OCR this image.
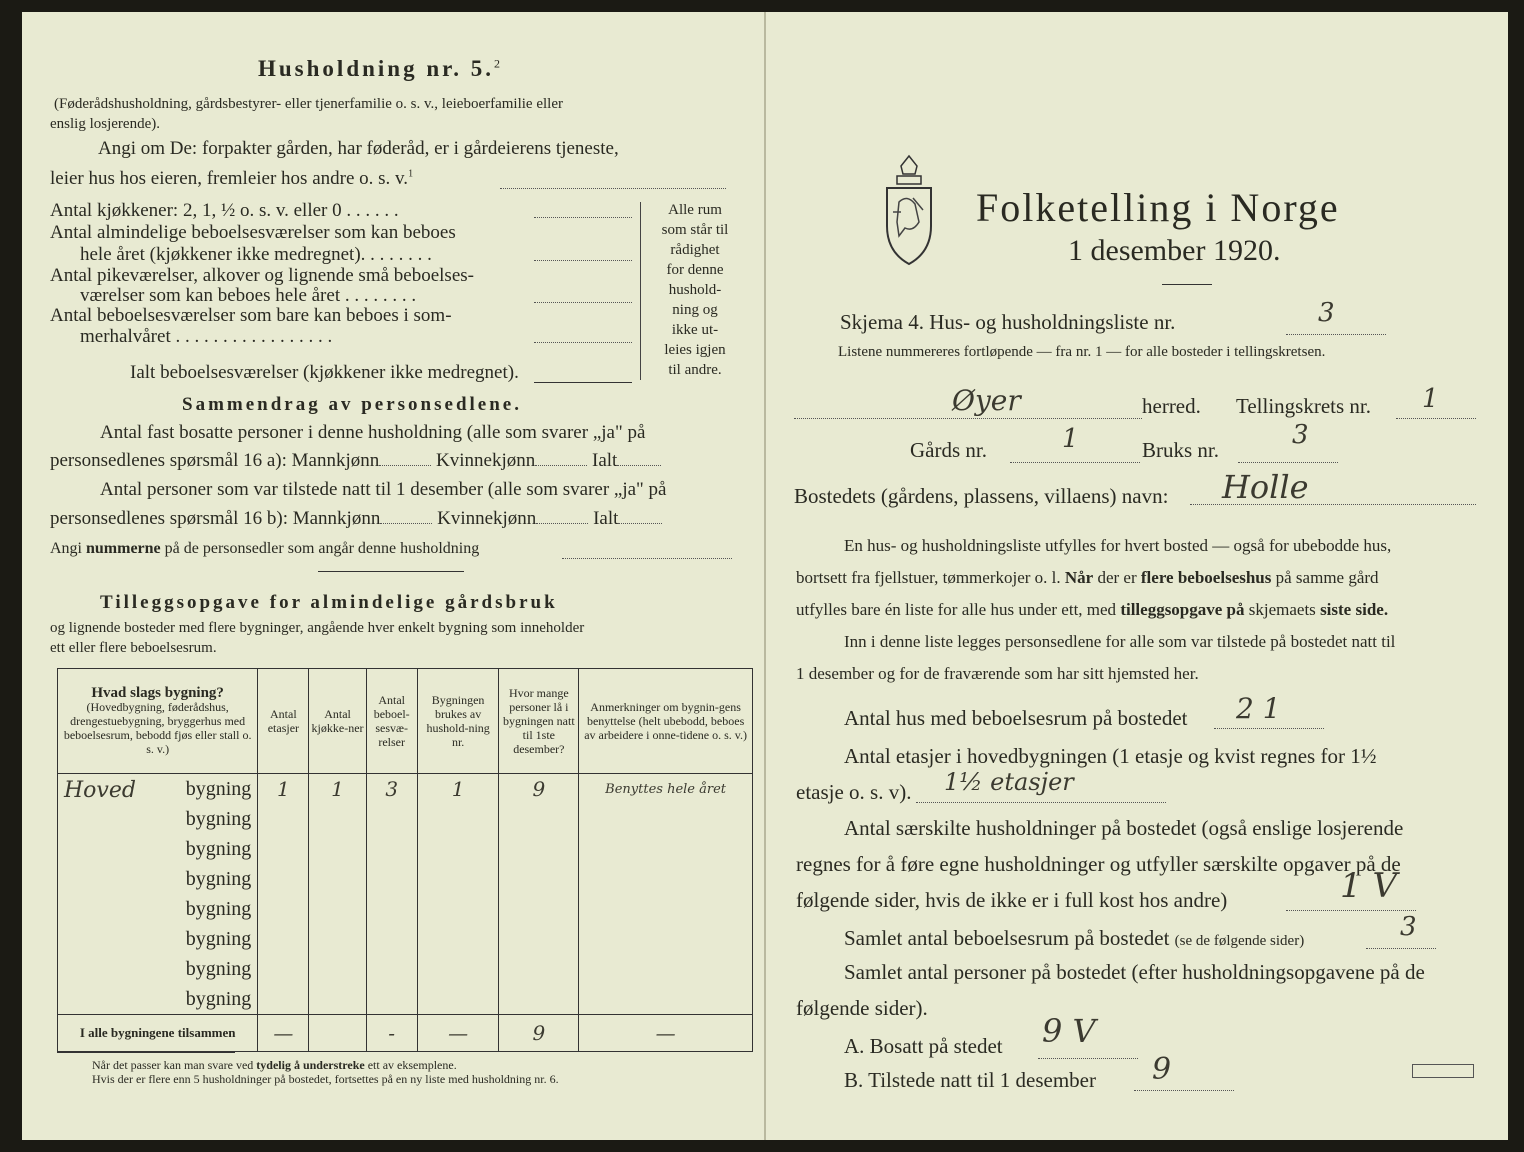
Husholdning nr. 5.$^2$
(Føderådshusholdning, gårdsbestyrer- eller tjenerfamilie o. s. v., leieboerfamilie eller
enslig losjerende).
Angi om De: forpakter gården, har føderåd, er i gårdeierens tjeneste,
leier hus hos eieren, fremleier hos andre o. s. v.$^1$
Antal kjøkkener: 2, 1, ½ o. s. v. eller 0 . . . . . .
Antal almindelige beboelsesværelser som kan beboes
hele året (kjøkkener ikke medregnet). . . . . . . .
Antal pikeværelser, alkover og lignende små beboelses-
værelser som kan beboes hele året . . . . . . . .
Antal beboelsesværelser som bare kan beboes i som-
merhalvåret . . . . . . . . . . . . . . . . .
Ialt beboelsesværelser (kjøkkener ikke medregnet).
Alle rum
som står til
rådighet
for denne
hushold-
ning og
ikke ut-
leies igjen
til andre.
Sammendrag av personsedlene.
Antal fast bosatte personer i denne husholdning (alle som svarer „ja" på
personsedlenes spørsmål 16 a): Mannkjønn	Kvinnekjønn	Ialt
Antal personer som var tilstede natt til 1 desember (alle som svarer „ja" på
personsedlenes spørsmål 16 b): Mannkjønn	Kvinnekjønn	Ialt
Angi nummerne på de personsedler som angår denne husholdning
Tilleggsopgave for almindelige gårdsbruk
og lignende bosteder med flere bygninger, angående hver enkelt bygning som inneholder
ett eller flere beboelsesrum.
Hvad slags bygning?
(Hovedbygning, føderådshus, drengestuebygning, bryggerhus med beboelsesrum, bebodd fjøs eller stall o. s. v.)	Antal etasjer	Antal kjøkke-ner	Antal beboel-sesvæ-relser	Bygningen brukes av hushold-ning nr.	Hvor mange personer lå i bygningen natt til 1ste desember?	Anmerkninger om bygnin-gens benyttelse (helt ubebodd, beboes av arbeidere i onne-tidene o. s. v.)

Hoved bygning	1	1	3	1	9	Benyttes hele året

bygning						

bygning						

bygning						

bygning						

bygning						

bygning						

bygning						
I alle bygningene tilsammen	—		-	—	9	—
Når det passer kan man svare ved tydelig å understreke ett av eksemplene.
Hvis der er flere enn 5 husholdninger på bostedet, fortsettes på en ny liste med husholdning nr. 6.
Folketelling i Norge
1 desember 1920.
Skjema 4. Hus- og husholdningsliste nr.	3
Listene nummereres fortløpende — fra nr. 1 — for alle bosteder i tellingskretsen.
Øyer	herred. Tellingskrets nr. 1
Gårds nr.	1	Bruks nr.	3
Bostedets (gårdens, plassens, villaens) navn: Holle
En hus- og husholdningsliste utfylles for hvert bosted — også for ubebodde hus,
bortsett fra fjellstuer, tømmerkojer o. l. Når der er flere beboelseshus på samme gård
utfylles bare én liste for alle hus under ett, med tilleggsopgave på skjemaets siste side.
Inn i denne liste legges personsedlene for alle som var tilstede på bostedet natt til
1 desember og for de fraværende som har sitt hjemsted her.
Antal hus med beboelsesrum på bostedet 2 1
Antal etasjer i hovedbygningen (1 etasje og kvist regnes for 1½
etasje o. s. v). 1½ etasjer
Antal særskilte husholdninger på bostedet (også enslige losjerende
regnes for å føre egne husholdninger og utfyller særskilte opgaver på de
følgende sider, hvis de ikke er i full kost hos andre)	1 V
Samlet antal beboelsesrum på bostedet (se de følgende sider)	3
Samlet antal personer på bostedet (efter husholdningsopgavene på de
følgende sider).
A. Bosatt på stedet 9 V
B. Tilstede natt til 1 desember 9
